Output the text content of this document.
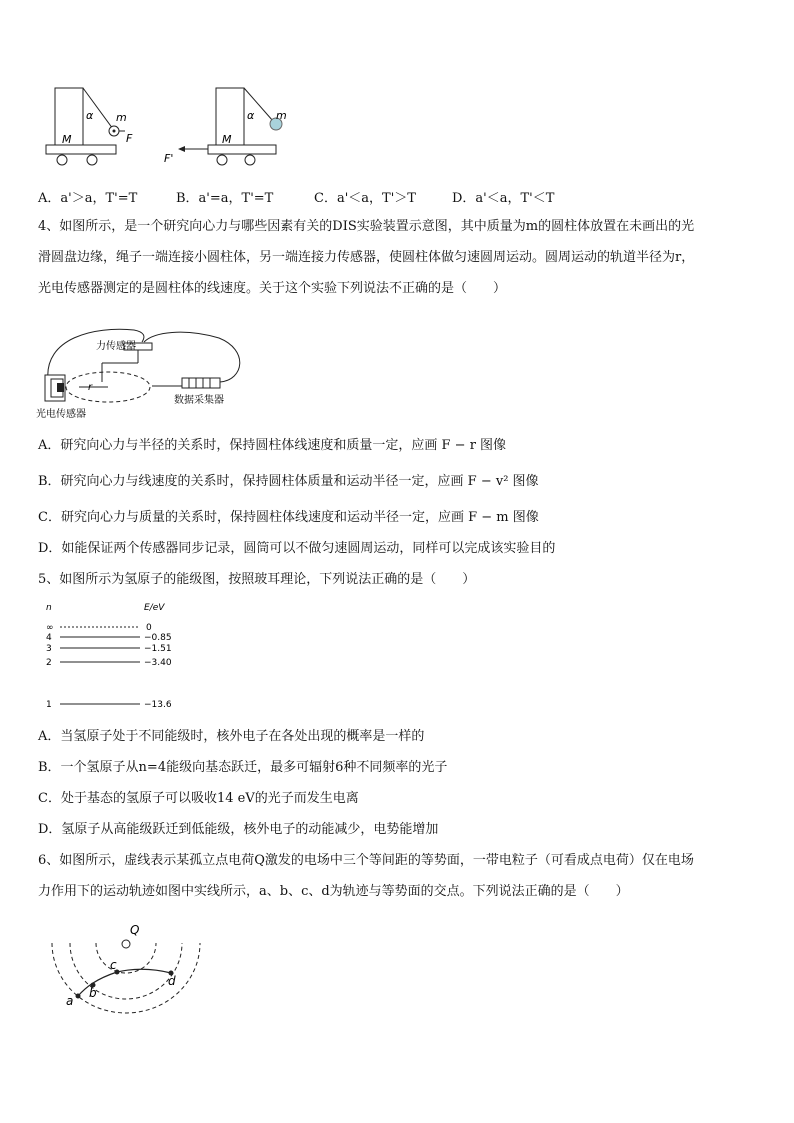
α m
M	F
α m
M
F'
A．a'＞a，T'=T	B．a'=a，T'=T	C．a'＜a，T'＞T	D．a'＜a，T'＜T
4、如图所示，是一个研究向心力与哪些因素有关的DIS实验装置示意图，其中质量为m的圆柱体放置在未画出的光
滑圆盘边缘，绳子一端连接小圆柱体，另一端连接力传感器，使圆柱体做匀速圆周运动。圆周运动的轨道半径为r，
光电传感器测定的是圆柱体的线速度。关于这个实验下列说法不正确的是（　　）
力传感器
r
光电传感器
数据采集器
A．研究向心力与半径的关系时，保持圆柱体线速度和质量一定，应画 F − r 图像
B．研究向心力与线速度的关系时，保持圆柱体质量和运动半径一定，应画 F − v² 图像
C．研究向心力与质量的关系时，保持圆柱体线速度和运动半径一定，应画 F − m 图像
D．如能保证两个传感器同步记录，圆筒可以不做匀速圆周运动，同样可以完成该实验目的
5、如图所示为氢原子的能级图，按照玻耳理论，下列说法正确的是（　　）
n	E/eV
∞	0
4	−0.85
3	−1.51
2	−3.40
1	−13.6
A．当氢原子处于不同能级时，核外电子在各处出现的概率是一样的
B．一个氢原子从n=4能级向基态跃迁，最多可辐射6种不同频率的光子
C．处于基态的氢原子可以吸收14 eV的光子而发生电离
D．氢原子从高能级跃迁到低能级，核外电子的动能减少，电势能增加
6、如图所示，虚线表示某孤立点电荷Q激发的电场中三个等间距的等势面，一带电粒子（可看成点电荷）仅在电场
力作用下的运动轨迹如图中实线所示，a、b、c、d为轨迹与等势面的交点。下列说法正确的是（　　）
Q
a
b
c
d
